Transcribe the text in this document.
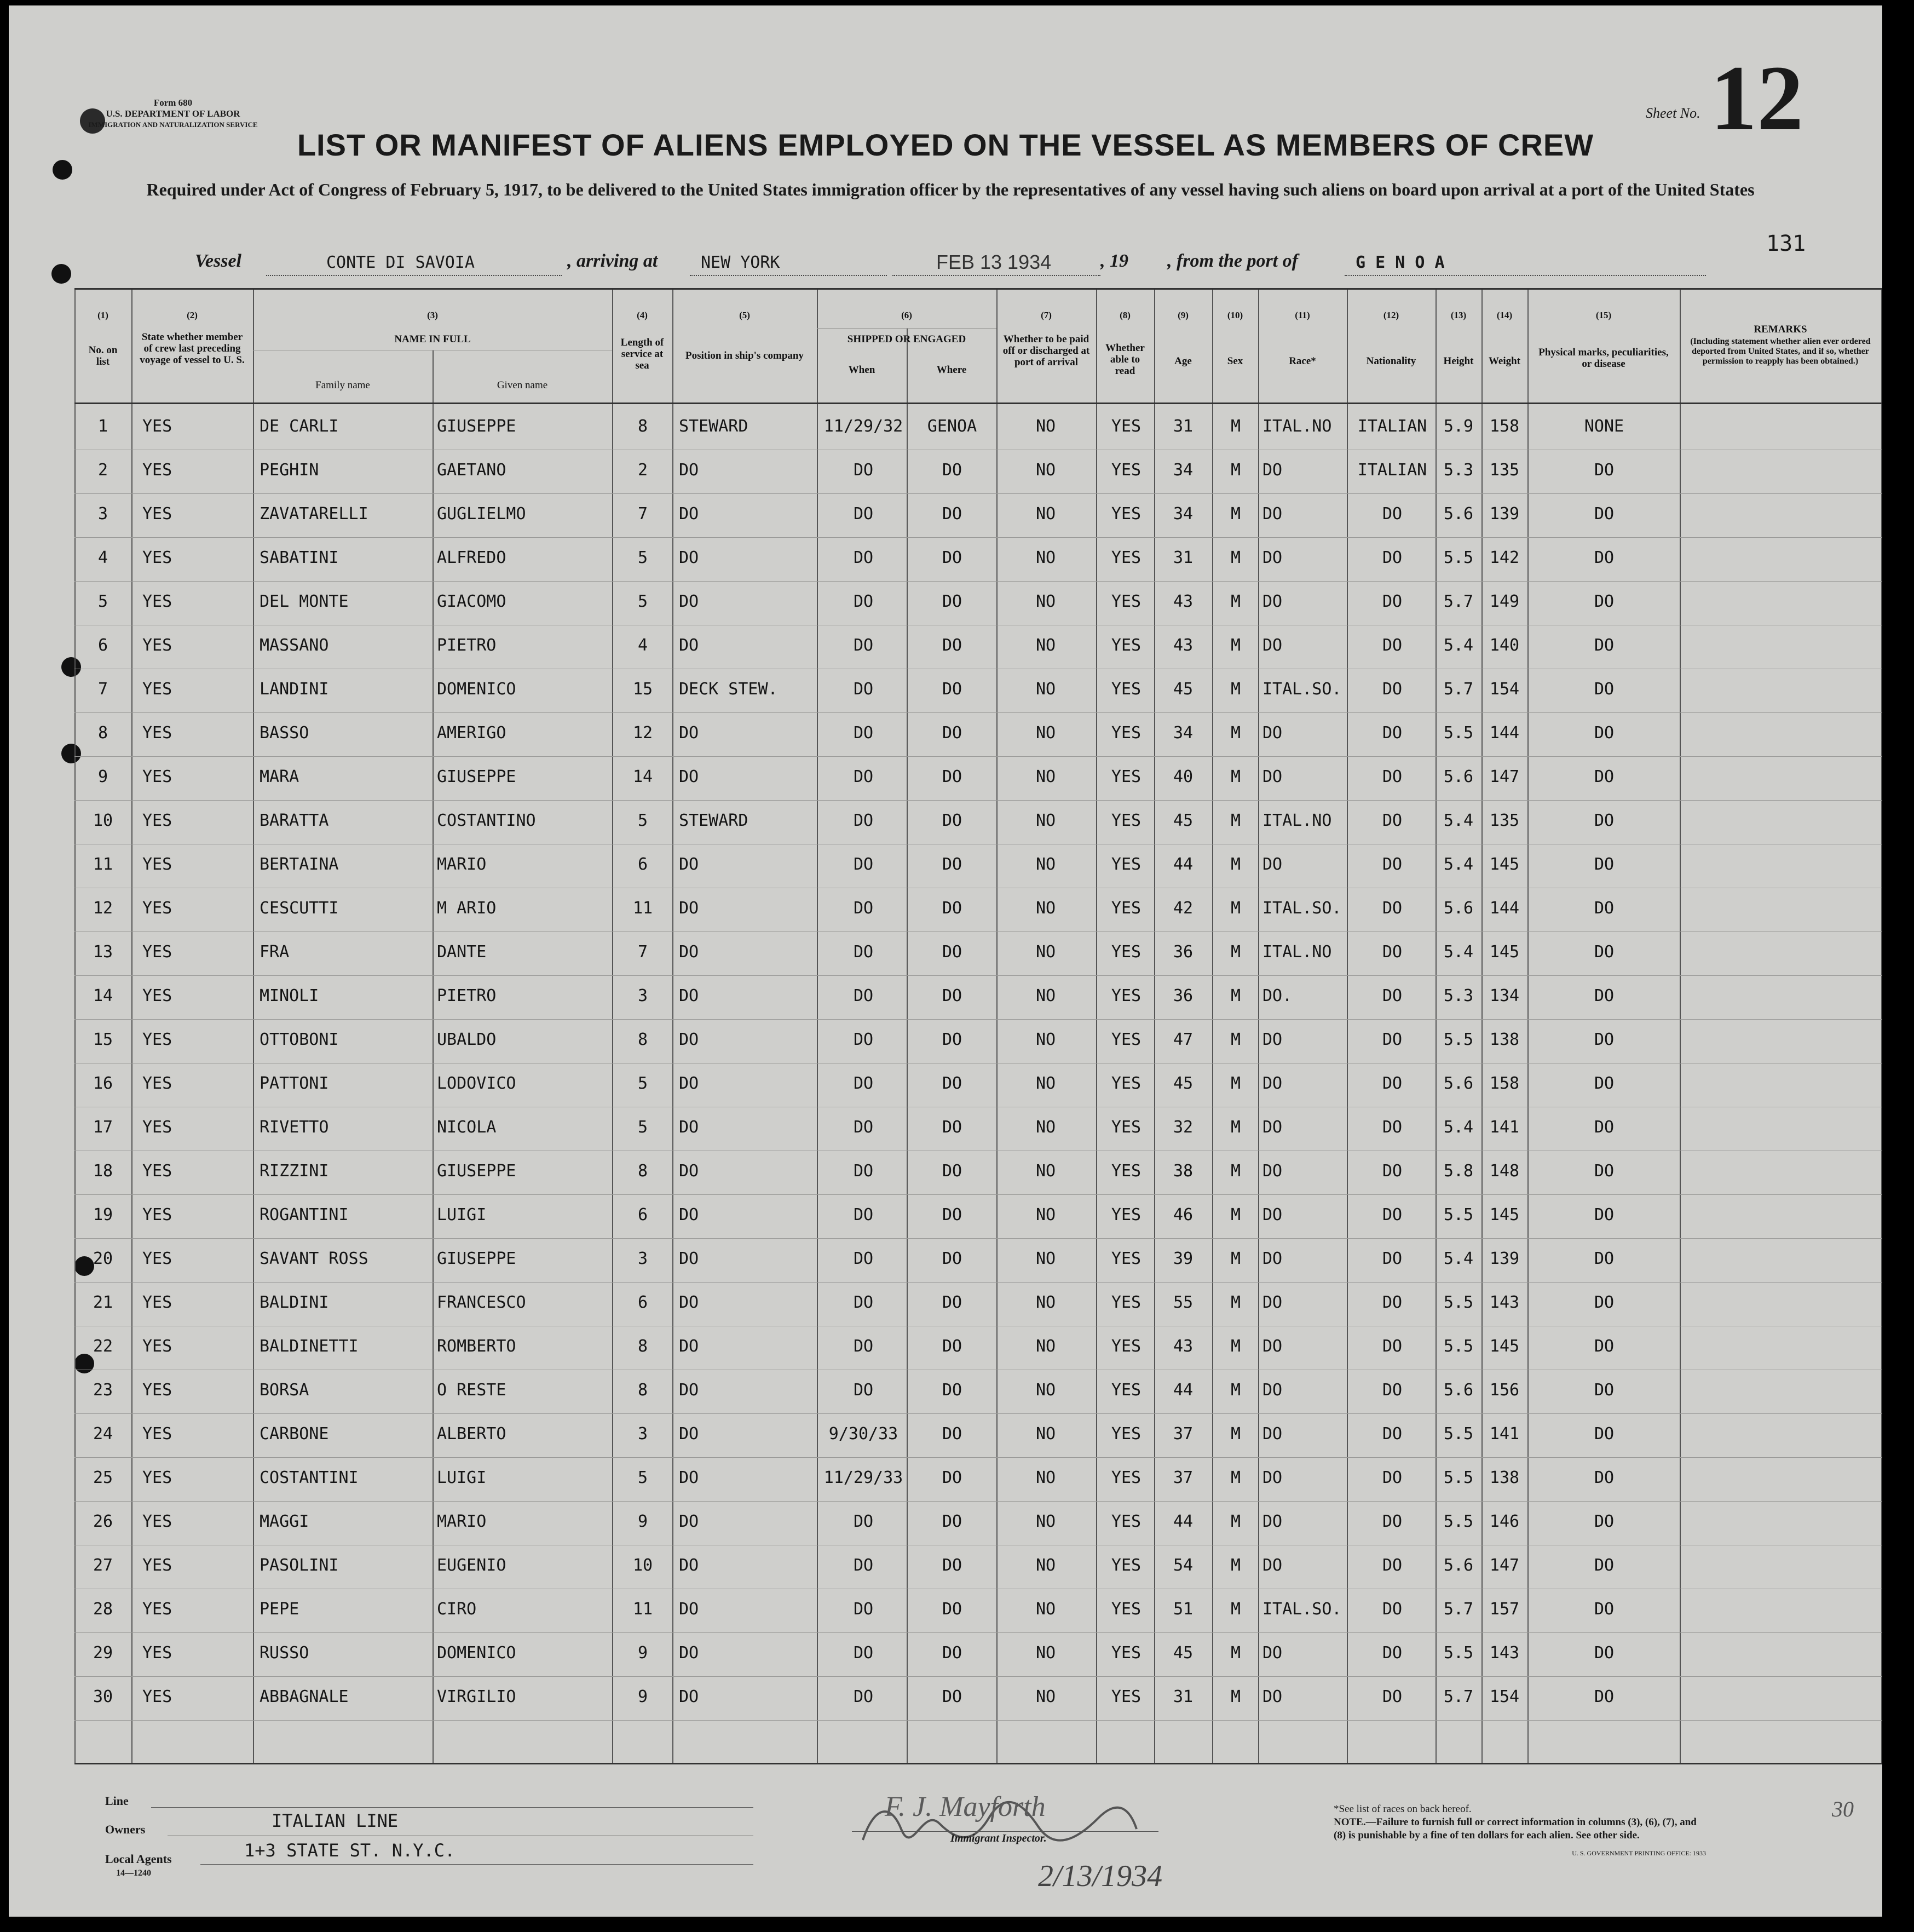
Form 680
U.S. DEPARTMENT OF LABOR
IMMIGRATION AND NATURALIZATION SERVICE
LIST OR MANIFEST OF ALIENS EMPLOYED ON THE VESSEL AS MEMBERS OF CREW
Required under Act of Congress of February 5, 1917, to be delivered to the United States immigration officer by the representatives of any vessel having such aliens on board upon arrival at a port of the United States
Sheet No. 12
131
Vessel	CONTE DI SAVOIA	, arriving at	NEW YORK	FEB 13 1934	, 19 , from the port of	G E N O A
(1)
No. on list
(2)
State whether member of crew last preceding voyage of vessel to U. S.
(3)
NAME IN FULL
Family name	Given name
(4)
Length of service at sea
(5)
Position in ship's company
(6)
SHIPPED OR ENGAGED
When	Where
(7)
Whether to be paid off or discharged at port of arrival
(8)
Whether able to read
(9)
Age
(10)
Sex
(11)
Race*
(12)
Nationality
(13)
Height
(14)
Weight
(15)
Physical marks, peculiarities, or disease
REMARKS
(Including statement whether alien ever ordered deported from United States, and if so, whether permission to reapply has been obtained.)
1	YES	DE CARLI	GIUSEPPE	8	STEWARD	11/29/32	GENOA	NO	YES	31	M	ITAL.NO	ITALIAN	5.9 158	NONE
2	YES	PEGHIN	GAETANO	2	DO	DO	DO	NO	YES	34	M	DO	ITALIAN	5.3 135	DO
3	YES	ZAVATARELLI	GUGLIELMO	7	DO	DO	DO	NO	YES	34	M	DO	DO	5.6 139	DO
4	YES	SABATINI	ALFREDO	5	DO	DO	DO	NO	YES	31	M	DO	DO	5.5 142	DO
5	YES	DEL MONTE	GIACOMO	5	DO	DO	DO	NO	YES	43	M	DO	DO	5.7 149	DO
6	YES	MASSANO	PIETRO	4	DO	DO	DO	NO	YES	43	M	DO	DO	5.4 140	DO
7	YES	LANDINI	DOMENICO	15	DECK STEW.	DO	DO	NO	YES	45	M	ITAL.SO.	DO	5.7 154	DO
8	YES	BASSO	AMERIGO	12	DO	DO	DO	NO	YES	34	M	DO	DO	5.5 144	DO
9	YES	MARA	GIUSEPPE	14	DO	DO	DO	NO	YES	40	M	DO	DO	5.6 147	DO
10	YES	BARATTA	COSTANTINO	5	STEWARD	DO	DO	NO	YES	45	M	ITAL.NO	DO	5.4 135	DO
11	YES	BERTAINA	MARIO	6	DO	DO	DO	NO	YES	44	M	DO	DO	5.4 145	DO
12	YES	CESCUTTI	M ARIO	11	DO	DO	DO	NO	YES	42	M	ITAL.SO.	DO	5.6 144	DO
13	YES	FRA	DANTE	7	DO	DO	DO	NO	YES	36	M	ITAL.NO	DO	5.4 145	DO
14	YES	MINOLI	PIETRO	3	DO	DO	DO	NO	YES	36	M	DO.	DO	5.3 134	DO
15	YES	OTTOBONI	UBALDO	8	DO	DO	DO	NO	YES	47	M	DO	DO	5.5 138	DO
16	YES	PATTONI	LODOVICO	5	DO	DO	DO	NO	YES	45	M	DO	DO	5.6 158	DO
17	YES	RIVETTO	NICOLA	5	DO	DO	DO	NO	YES	32	M	DO	DO	5.4 141	DO
18	YES	RIZZINI	GIUSEPPE	8	DO	DO	DO	NO	YES	38	M	DO	DO	5.8 148	DO
19	YES	ROGANTINI	LUIGI	6	DO	DO	DO	NO	YES	46	M	DO	DO	5.5 145	DO
20	YES	SAVANT ROSS	GIUSEPPE	3	DO	DO	DO	NO	YES	39	M	DO	DO	5.4 139	DO
21	YES	BALDINI	FRANCESCO	6	DO	DO	DO	NO	YES	55	M	DO	DO	5.5 143	DO
22	YES	BALDINETTI	ROMBERTO	8	DO	DO	DO	NO	YES	43	M	DO	DO	5.5 145	DO
23	YES	BORSA	O RESTE	8	DO	DO	DO	NO	YES	44	M	DO	DO	5.6 156	DO
24	YES	CARBONE	ALBERTO	3	DO	9/30/33	DO	NO	YES	37	M	DO	DO	5.5 141	DO
25	YES	COSTANTINI	LUIGI	5	DO	11/29/33	DO	NO	YES	37	M	DO	DO	5.5 138	DO
26	YES	MAGGI	MARIO	9	DO	DO	DO	NO	YES	44	M	DO	DO	5.5 146	DO
27	YES	PASOLINI	EUGENIO	10	DO	DO	DO	NO	YES	54	M	DO	DO	5.6 147	DO
28	YES	PEPE	CIRO	11	DO	DO	DO	NO	YES	51	M	ITAL.SO.	DO	5.7 157	DO
29	YES	RUSSO	DOMENICO	9	DO	DO	DO	NO	YES	45	M	DO	DO	5.5 143	DO
30	YES	ABBAGNALE	VIRGILIO	9	DO	DO	DO	NO	YES	31	M	DO	DO	5.7 154	DO
Line
Owners	ITALIAN LINE
Local Agents	1+3 STATE ST. N.Y.C.
14—1240
F. J. Mayforth
Immigrant Inspector.
2/13/1934
*See list of races on back hereof.
NOTE.—Failure to furnish full or correct information in columns (3), (6), (7), and (8) is punishable by a fine of ten dollars for each alien. See other side.
U. S. GOVERNMENT PRINTING OFFICE: 1933
30
